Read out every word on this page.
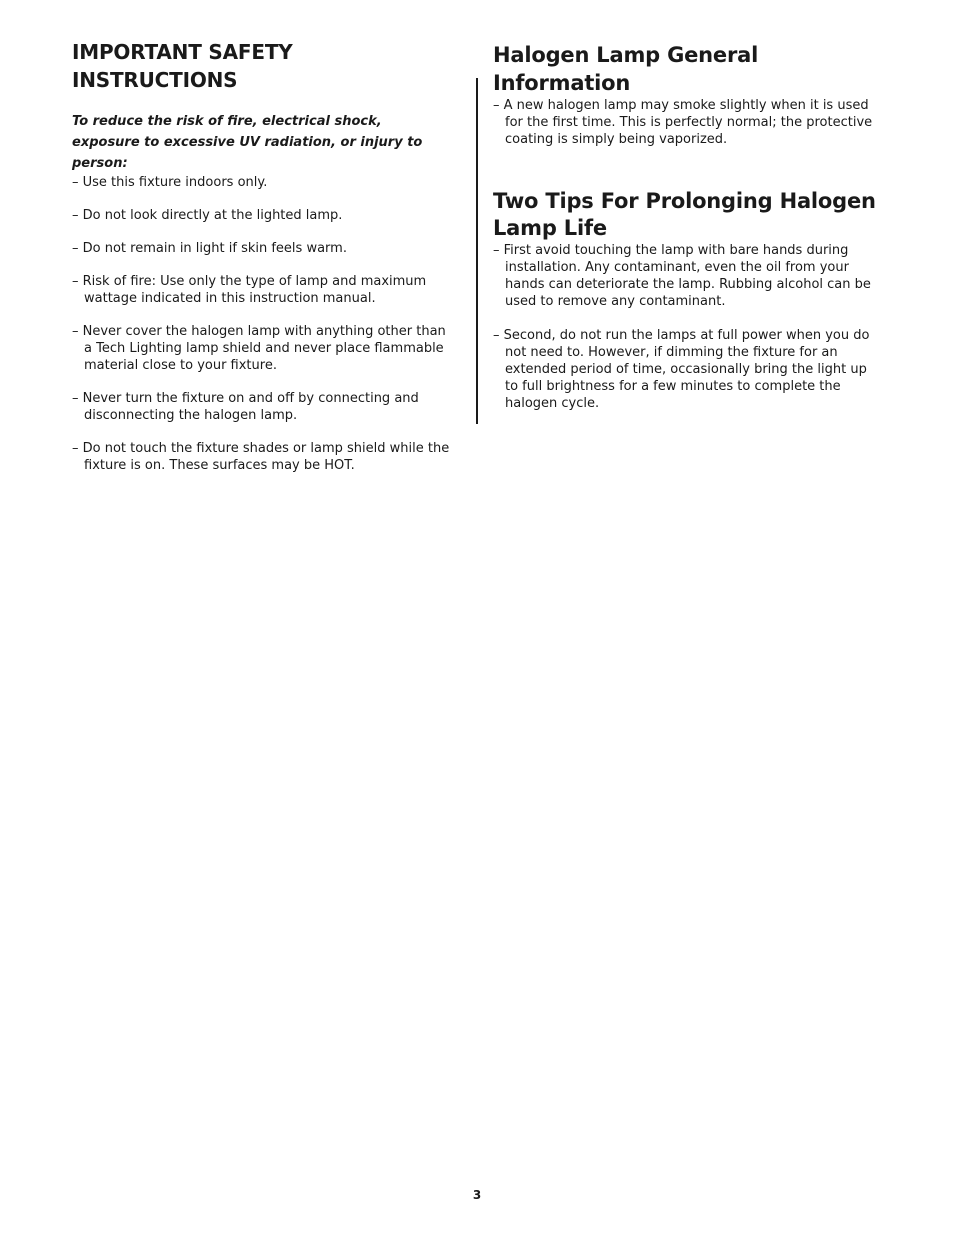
IMPORTANT SAFETY INSTRUCTIONS

To reduce the risk of fire, electrical shock, exposure to excessive UV radiation, or injury to person:

– Use this fixture indoors only.
– Do not look directly at the lighted lamp.
– Do not remain in light if skin feels warm.
– Risk of fire: Use only the type of lamp and maximum wattage indicated in this instruction manual.
– Never cover the halogen lamp with anything other than a Tech Lighting lamp shield and never place flammable material close to your fixture.
– Never turn the fixture on and off by connecting and disconnecting the halogen lamp.
– Do not touch the fixture shades or lamp shield while the fixture is on. These surfaces may be HOT.
Halogen Lamp General Information
– A new halogen lamp may smoke slightly when it is used for the first time. This is perfectly normal; the protective coating is simply being vaporized.
Two Tips For Prolonging Halogen Lamp Life
– First avoid touching the lamp with bare hands during installation. Any contaminant, even the oil from your hands can deteriorate the lamp. Rubbing alcohol can be used to remove any contaminant.
– Second, do not run the lamps at full power when you do not need to. However, if dimming the fixture for an extended period of time, occasionally bring the light up to full brightness for a few minutes to complete the halogen cycle.
3
